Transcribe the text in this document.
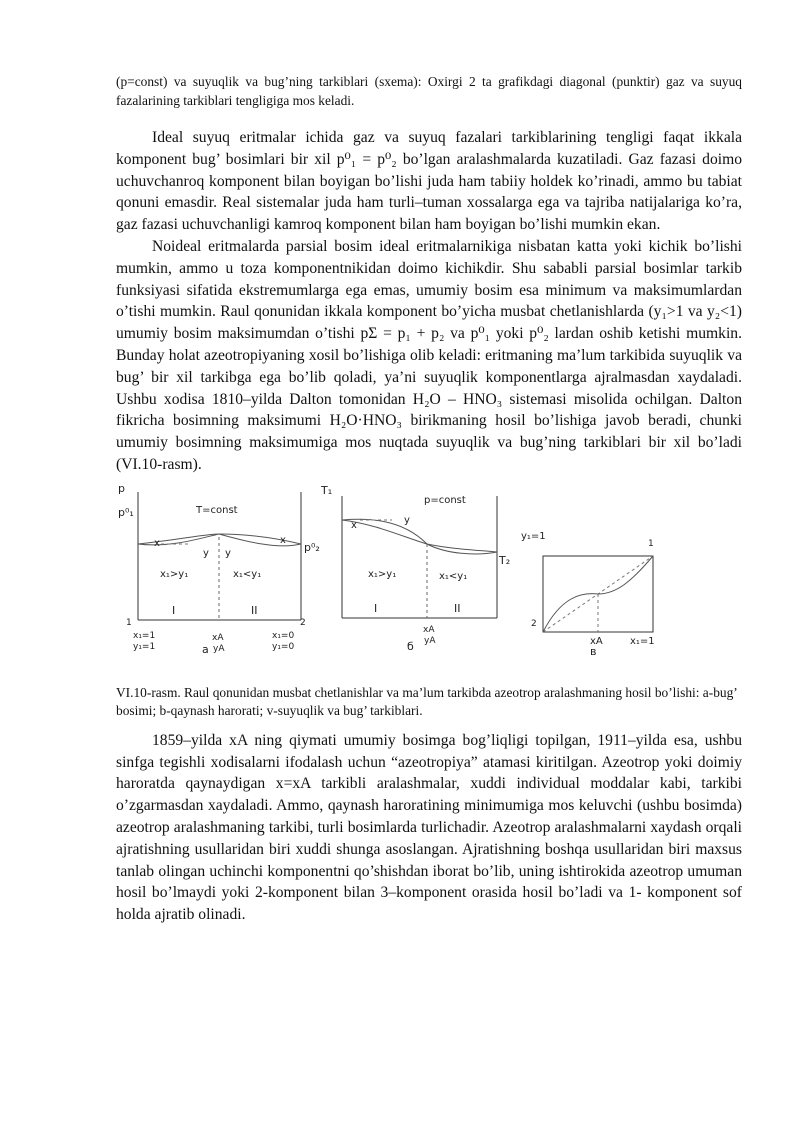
(p=const) va suyuqlik va bug’ning tarkiblari (sxema): Oxirgi 2 ta grafikdagi diagonal (punktir) gaz va suyuq fazalarining tarkiblari tengligiga mos keladi.

Ideal suyuq eritmalar ichida gaz va suyuq fazalari tarkiblarining tengligi faqat ikkala komponent bug’ bosimlari bir xil p⁰₁ = p⁰₂ bo’lgan aralashmalarda kuzatiladi. Gaz fazasi doimo uchuvchanroq komponent bilan boyigan bo’lishi juda ham tabiiy holdek ko’rinadi, ammo bu tabiat qonuni emasdir. Real sistemalar juda ham turli–tuman xossalarga ega va tajriba natijalariga ko’ra, gaz fazasi uchuvchanligi kamroq komponent bilan ham boyigan bo’lishi mumkin ekan.

Noideal eritmalarda parsial bosim ideal eritmalarnikiga nisbatan katta yoki kichik bo’lishi mumkin, ammo u toza komponentnikidan doimo kichikdir. Shu sababli parsial bosimlar tarkib funksiyasi sifatida ekstremumlarga ega emas, umumiy bosim esa minimum va maksimumlardan o’tishi mumkin. Raul qonunidan ikkala komponent bo’yicha musbat chetlanishlarda (y₁>1 va y₂<1) umumiy bosim maksimumdan o’tishi pΣ = p₁ + p₂ va p⁰₁ yoki p⁰₂ lardan oshib ketishi mumkin. Bunday holat azeotropiyaning xosil bo’lishiga olib keladi: eritmaning ma’lum tarkibida suyuqlik va bug’ bir xil tarkibga ega bo’lib qoladi, ya’ni suyuqlik komponentlarga ajralmasdan xaydaladi. Ushbu xodisa 1810–yilda Dalton tomonidan H₂O – HNO₃ sistemasi misolida ochilgan. Dalton fikricha bosimning maksimumi H₂O·HNO₃ birikmaning hosil bo’lishiga javob beradi, chunki umumiy bosimning maksimumiga mos nuqtada suyuqlik va bug’ning tarkiblari bir xil bo’ladi (VI.10-rasm).

p
p⁰₁	T=const
p⁰₂
x	x
y y
x₁>y₁	x₁<y₁
I	II
1	2
x₁=1
y₁=1
xA
yA
x₁=0
y₁=0
a
T₁
p=const
x	y
T₂
x₁>y₁	x₁<y₁
I	II
xA
yA
б
y₁=1
1
2
xA	x₁=1
в

VI.10-rasm. Raul qonunidan musbat chetlanishlar va ma’lum tarkibda azeotrop aralashmaning hosil bo’lishi: a-bug’ bosimi; b-qaynash harorati; v-suyuqlik va bug’ tarkiblari.

1859–yilda xA ning qiymati umumiy bosimga bog’liqligi topilgan, 1911–yilda esa, ushbu sinfga tegishli xodisalarni ifodalash uchun “azeotropiya” atamasi kiritilgan. Azeotrop yoki doimiy haroratda qaynaydigan x=xA tarkibli aralashmalar, xuddi individual moddalar kabi, tarkibi o’zgarmasdan xaydaladi. Ammo, qaynash haroratining minimumiga mos keluvchi (ushbu bosimda) azeotrop aralashmaning tarkibi, turli bosimlarda turlichadir. Azeotrop aralashmalarni xaydash orqali ajratishning usullaridan biri xuddi shunga asoslangan. Ajratishning boshqa usullaridan biri maxsus tanlab olingan uchinchi komponentni qo’shishdan iborat bo’lib, uning ishtirokida azeotrop umuman hosil bo’lmaydi yoki 2-komponent bilan 3–komponent orasida hosil bo’ladi va 1- komponent sof holda ajratib olinadi.
